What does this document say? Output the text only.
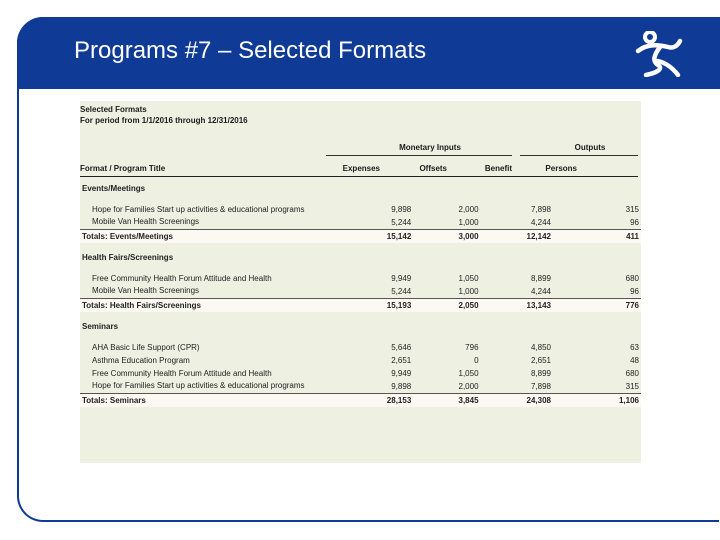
Programs #7 – Selected Formats
Selected Formats
For period from 1/1/2016 through 12/31/2016
Monetary Inputs	Outputs
Format / Program Title	Expenses	Offsets	Benefit	Persons
Events/Meetings				

Hope for Families Start up activities & educational programs	9,898	2,000	7,898	315
Mobile Van Health Screenings	5,244	1,000	4,244	96
Totals: Events/Meetings	15,142	3,000	12,142	411

Health Fairs/Screenings				

Free Community Health Forum Attitude and Health	9,949	1,050	8,899	680
Mobile Van Health Screenings	5,244	1,000	4,244	96
Totals: Health Fairs/Screenings	15,193	2,050	13,143	776

Seminars				

AHA Basic Life Support (CPR)	5,646	796	4,850	63
Asthma Education Program	2,651	0	2,651	48
Free Community Health Forum Attitude and Health	9,949	1,050	8,899	680
Hope for Families Start up activities & educational programs	9,898	2,000	7,898	315
Totals: Seminars	28,153	3,845	24,308	1,106
